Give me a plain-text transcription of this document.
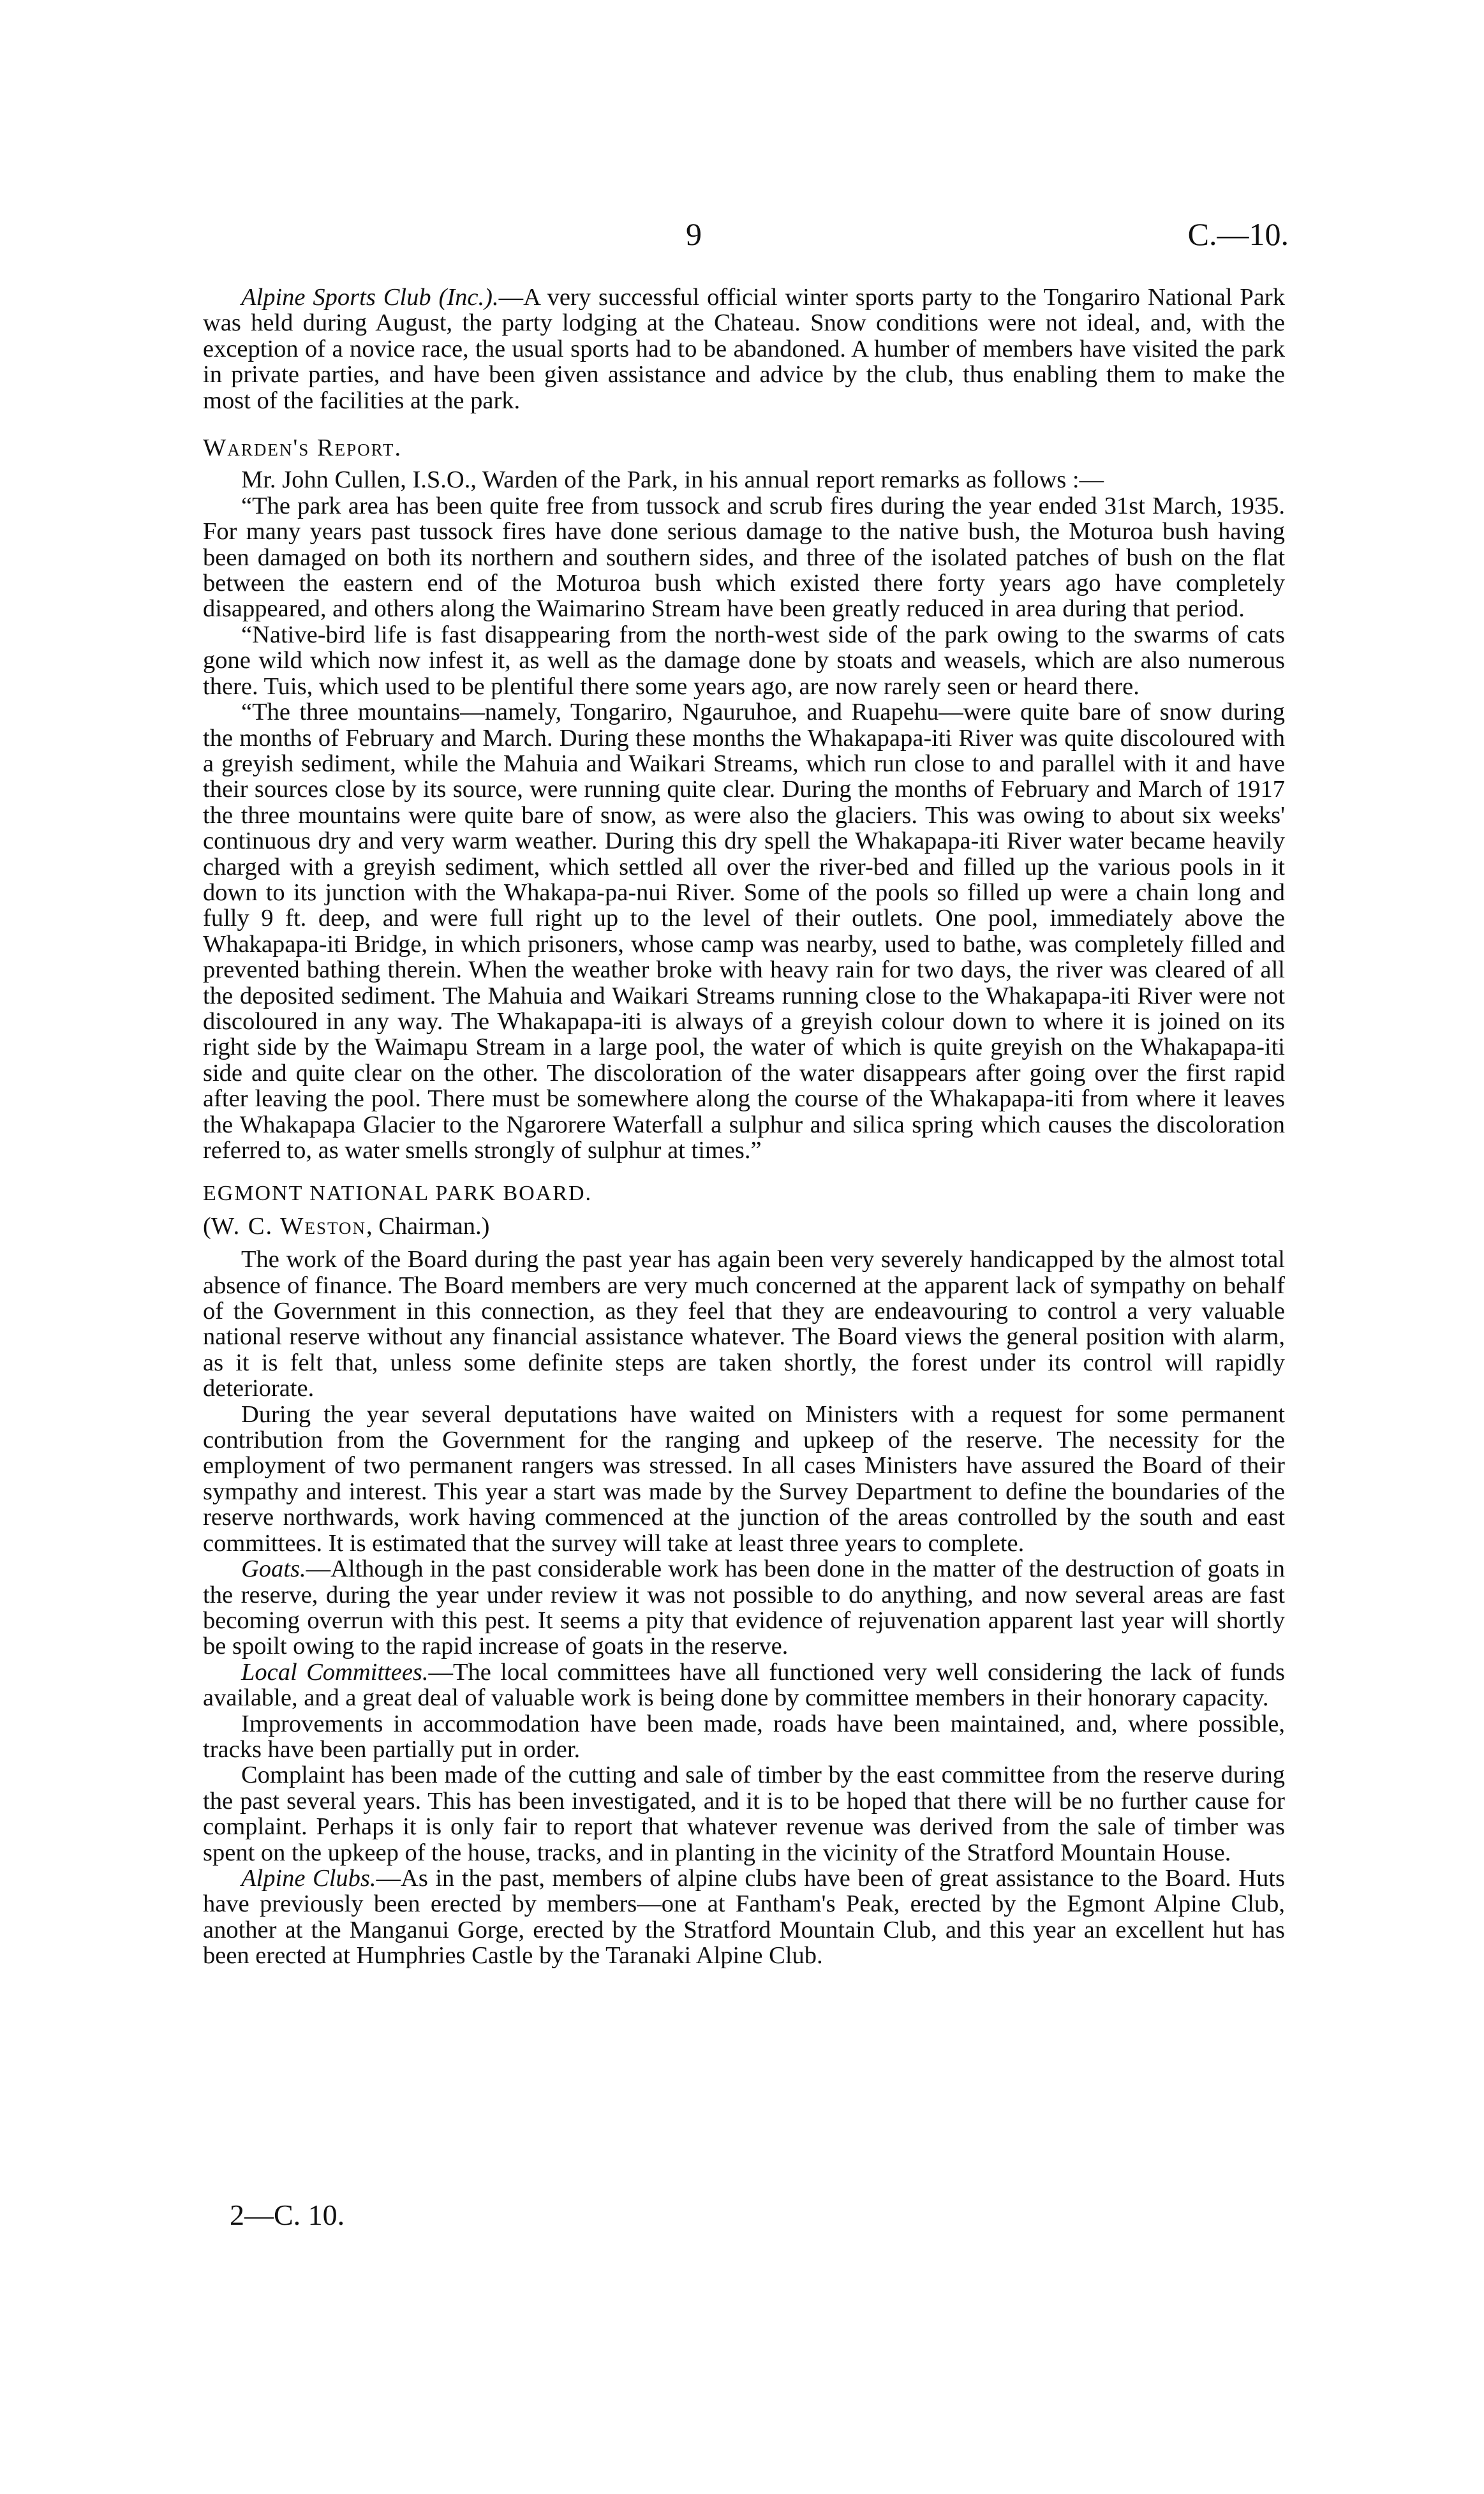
9	C.—10.

Alpine Sports Club (Inc.).—A very successful official winter sports party to the Tongariro National Park was held during August, the party lodging at the Chateau. Snow conditions were not ideal, and, with the exception of a novice race, the usual sports had to be abandoned. A humber of members have visited the park in private parties, and have been given assistance and advice by the club, thus enabling them to make the most of the facilities at the park.

Warden's Report.

Mr. John Cullen, I.S.O., Warden of the Park, in his annual report remarks as follows :—

“The park area has been quite free from tussock and scrub fires during the year ended 31st March, 1935. For many years past tussock fires have done serious damage to the native bush, the Moturoa bush having been damaged on both its northern and southern sides, and three of the isolated patches of bush on the flat between the eastern end of the Moturoa bush which existed there forty years ago have completely disappeared, and others along the Waimarino Stream have been greatly reduced in area during that period.

“Native-bird life is fast disappearing from the north-west side of the park owing to the swarms of cats gone wild which now infest it, as well as the damage done by stoats and weasels, which are also numerous there. Tuis, which used to be plentiful there some years ago, are now rarely seen or heard there.

“The three mountains—namely, Tongariro, Ngauruhoe, and Ruapehu—were quite bare of snow during the months of February and March. During these months the Whakapapa-iti River was quite discoloured with a greyish sediment, while the Mahuia and Waikari Streams, which run close to and parallel with it and have their sources close by its source, were running quite clear. During the months of February and March of 1917 the three mountains were quite bare of snow, as were also the glaciers. This was owing to about six weeks' continuous dry and very warm weather. During this dry spell the Whakapapa-iti River water became heavily charged with a greyish sediment, which settled all over the river-bed and filled up the various pools in it down to its junction with the Whakapa-pa-nui River. Some of the pools so filled up were a chain long and fully 9 ft. deep, and were full right up to the level of their outlets. One pool, immediately above the Whakapapa-iti Bridge, in which prisoners, whose camp was nearby, used to bathe, was completely filled and prevented bathing therein. When the weather broke with heavy rain for two days, the river was cleared of all the deposited sediment. The Mahuia and Waikari Streams running close to the Whakapapa-iti River were not discoloured in any way. The Whakapapa-iti is always of a greyish colour down to where it is joined on its right side by the Waimapu Stream in a large pool, the water of which is quite greyish on the Whakapapa-iti side and quite clear on the other. The discoloration of the water disappears after going over the first rapid after leaving the pool. There must be somewhere along the course of the Whakapapa-iti from where it leaves the Whakapapa Glacier to the Ngarorere Waterfall a sulphur and silica spring which causes the discoloration referred to, as water smells strongly of sulphur at times.”

EGMONT NATIONAL PARK BOARD.

(W. C. Weston, Chairman.)

The work of the Board during the past year has again been very severely handicapped by the almost total absence of finance. The Board members are very much concerned at the apparent lack of sympathy on behalf of the Government in this connection, as they feel that they are endeavouring to control a very valuable national reserve without any financial assistance whatever. The Board views the general position with alarm, as it is felt that, unless some definite steps are taken shortly, the forest under its control will rapidly deteriorate.

During the year several deputations have waited on Ministers with a request for some permanent contribution from the Government for the ranging and upkeep of the reserve. The necessity for the employment of two permanent rangers was stressed. In all cases Ministers have assured the Board of their sympathy and interest. This year a start was made by the Survey Department to define the boundaries of the reserve northwards, work having commenced at the junction of the areas controlled by the south and east committees. It is estimated that the survey will take at least three years to complete.

Goats.—Although in the past considerable work has been done in the matter of the destruction of goats in the reserve, during the year under review it was not possible to do anything, and now several areas are fast becoming overrun with this pest. It seems a pity that evidence of rejuvenation apparent last year will shortly be spoilt owing to the rapid increase of goats in the reserve.

Local Committees.—The local committees have all functioned very well considering the lack of funds available, and a great deal of valuable work is being done by committee members in their honorary capacity.

Improvements in accommodation have been made, roads have been maintained, and, where possible, tracks have been partially put in order.

Complaint has been made of the cutting and sale of timber by the east committee from the reserve during the past several years. This has been investigated, and it is to be hoped that there will be no further cause for complaint. Perhaps it is only fair to report that whatever revenue was derived from the sale of timber was spent on the upkeep of the house, tracks, and in planting in the vicinity of the Stratford Mountain House.

Alpine Clubs.—As in the past, members of alpine clubs have been of great assistance to the Board. Huts have previously been erected by members—one at Fantham's Peak, erected by the Egmont Alpine Club, another at the Manganui Gorge, erected by the Stratford Mountain Club, and this year an excellent hut has been erected at Humphries Castle by the Taranaki Alpine Club.

2—C. 10.
